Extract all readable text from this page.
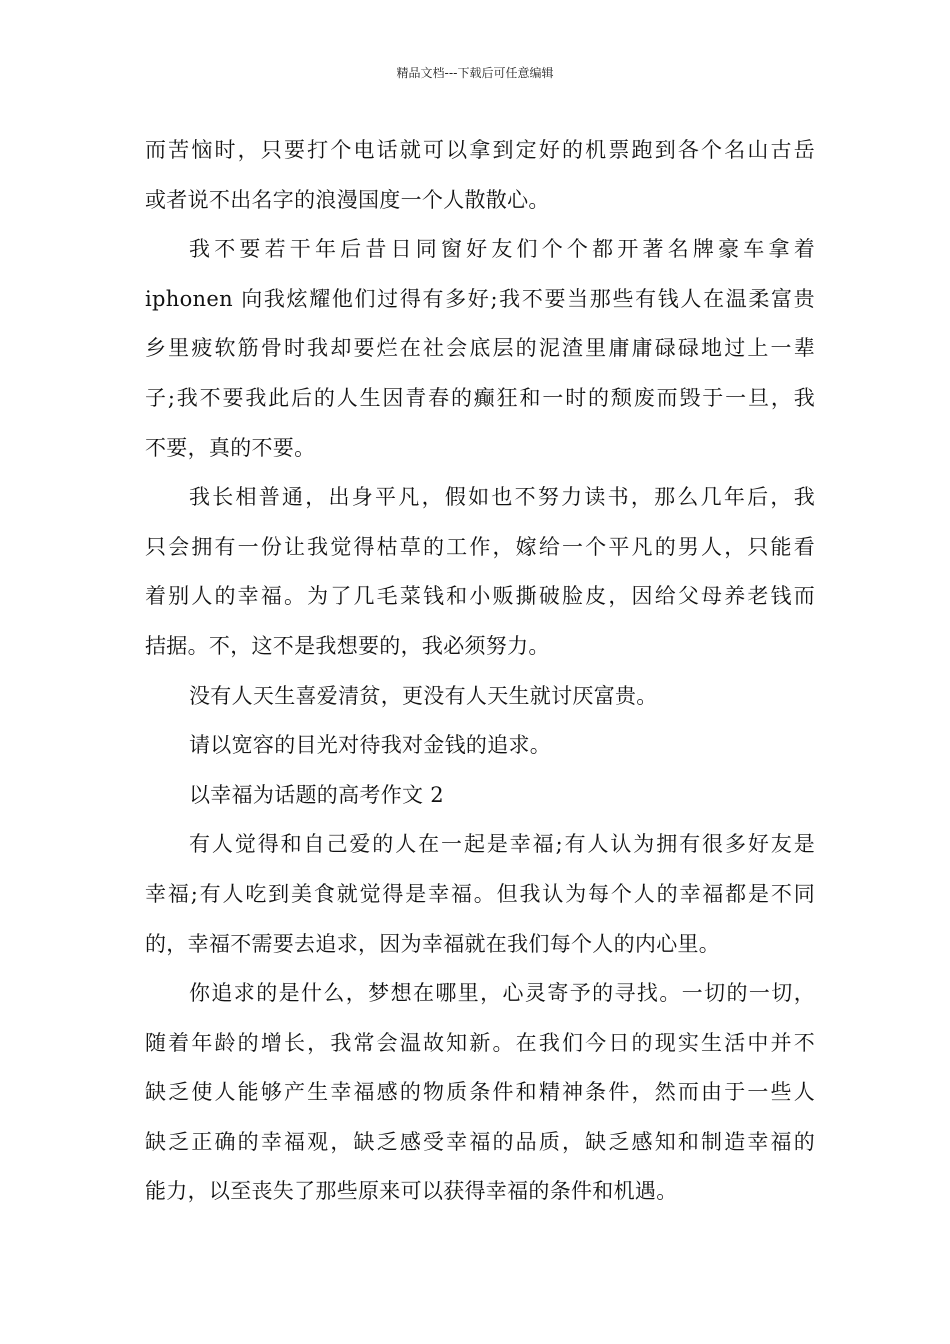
精品文档---下载后可任意编辑

而苦恼时，只要打个电话就可以拿到定好的机票跑到各个名山古岳

或者说不出名字的浪漫国度一个人散散心。

我不要若干年后昔日同窗好友们个个都开著名牌豪车拿着

iphonen 向我炫耀他们过得有多好;我不要当那些有钱人在温柔富贵

乡里疲软筋骨时我却要烂在社会底层的泥渣里庸庸碌碌地过上一辈

子;我不要我此后的人生因青春的癫狂和一时的颓废而毁于一旦，我

不要，真的不要。

我长相普通，出身平凡，假如也不努力读书，那么几年后，我

只会拥有一份让我觉得枯草的工作，嫁给一个平凡的男人，只能看

着别人的幸福。为了几毛菜钱和小贩撕破脸皮，因给父母养老钱而

拮据。不，这不是我想要的，我必须努力。

没有人天生喜爱清贫，更没有人天生就讨厌富贵。

请以宽容的目光对待我对金钱的追求。

以幸福为话题的高考作文 2

有人觉得和自己爱的人在一起是幸福;有人认为拥有很多好友是

幸福;有人吃到美食就觉得是幸福。但我认为每个人的幸福都是不同

的，幸福不需要去追求，因为幸福就在我们每个人的内心里。

你追求的是什么，梦想在哪里，心灵寄予的寻找。一切的一切，

随着年龄的增长，我常会温故知新。在我们今日的现实生活中并不

缺乏使人能够产生幸福感的物质条件和精神条件，然而由于一些人

缺乏正确的幸福观，缺乏感受幸福的品质，缺乏感知和制造幸福的

能力，以至丧失了那些原来可以获得幸福的条件和机遇。
